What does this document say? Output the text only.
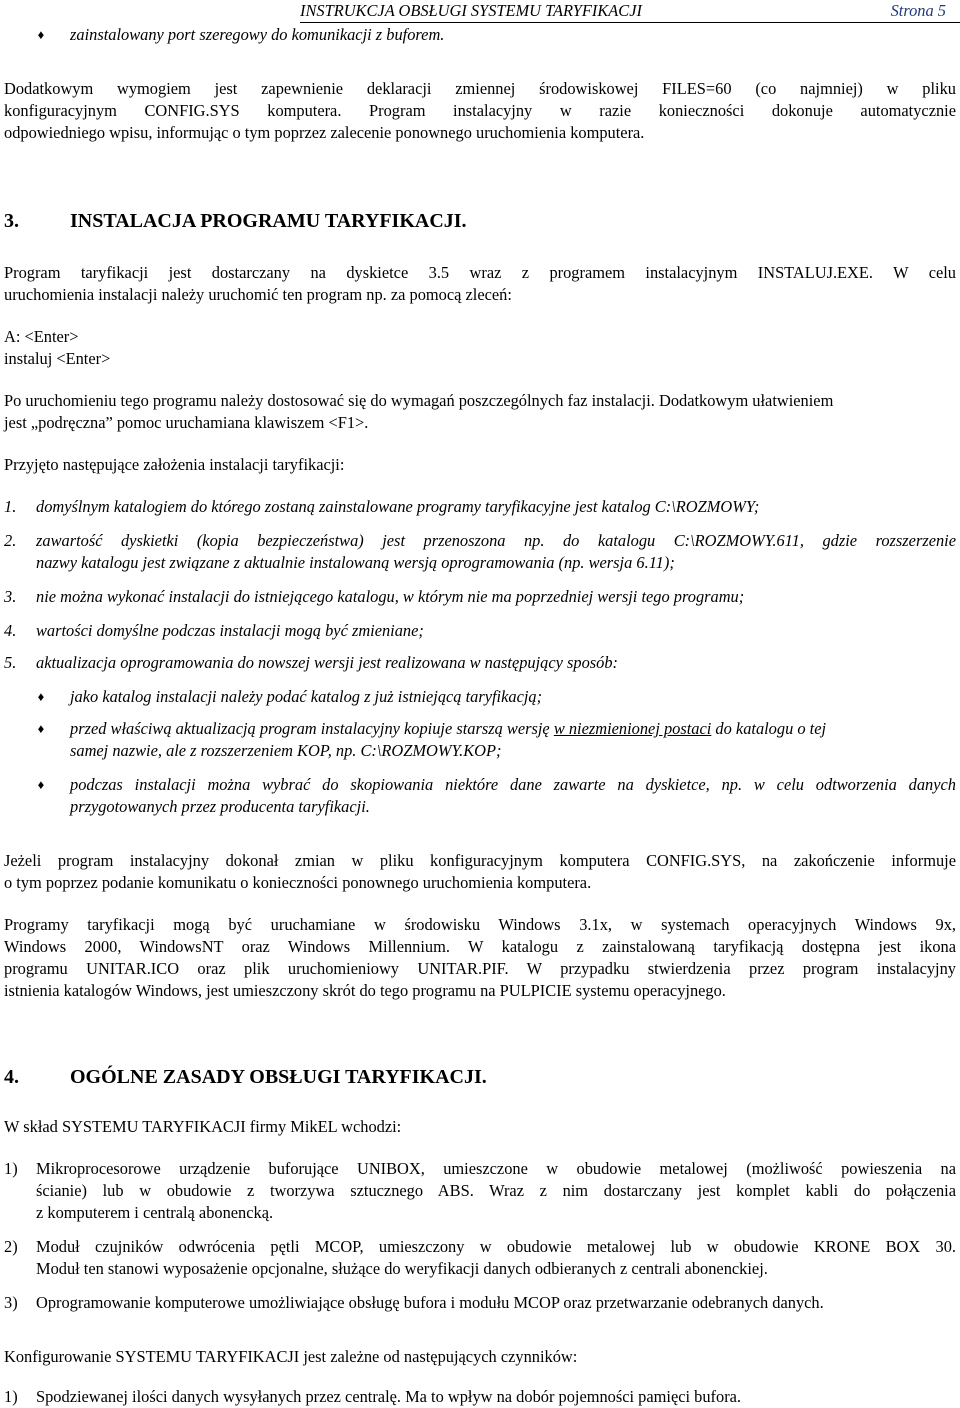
INSTRUKCJA OBSŁUGI SYSTEMU TARYFIKACJI	Strona 5
♦ zainstalowany port szeregowy do komunikacji z buforem.
Dodatkowym wymogiem jest zapewnienie deklaracji zmiennej środowiskowej FILES=60 (co najmniej) w pliku
konfiguracyjnym CONFIG.SYS komputera. Program instalacyjny w razie konieczności dokonuje automatycznie
odpowiedniego wpisu, informując o tym poprzez zalecenie ponownego uruchomienia komputera.
3.	INSTALACJA PROGRAMU TARYFIKACJI.
Program taryfikacji jest dostarczany na dyskietce 3.5 wraz z programem instalacyjnym INSTALUJ.EXE. W celu
uruchomienia instalacji należy uruchomić ten program np. za pomocą zleceń:
A: <Enter>
instaluj <Enter>
Po uruchomieniu tego programu należy dostosować się do wymagań poszczególnych faz instalacji. Dodatkowym ułatwieniem
jest „podręczna” pomoc uruchamiana klawiszem <F1>.
Przyjęto następujące założenia instalacji taryfikacji:
1. domyślnym katalogiem do którego zostaną zainstalowane programy taryfikacyjne jest katalog C:\ROZMOWY;
2. zawartość dyskietki (kopia bezpieczeństwa) jest przenoszona np. do katalogu C:\ROZMOWY.611, gdzie rozszerzenie
nazwy katalogu jest związane z aktualnie instalowaną wersją oprogramowania (np. wersja 6.11);
3. nie można wykonać instalacji do istniejącego katalogu, w którym nie ma poprzedniej wersji tego programu;
4. wartości domyślne podczas instalacji mogą być zmieniane;
5. aktualizacja oprogramowania do nowszej wersji jest realizowana w następujący sposób:
♦ jako katalog instalacji należy podać katalog z już istniejącą taryfikacją;
♦ przed właściwą aktualizacją program instalacyjny kopiuje starszą wersję w niezmienionej postaci do katalogu o tej
samej nazwie, ale z rozszerzeniem KOP, np. C:\ROZMOWY.KOP;
♦ podczas instalacji można wybrać do skopiowania niektóre dane zawarte na dyskietce, np. w celu odtworzenia danych
przygotowanych przez producenta taryfikacji.
Jeżeli program instalacyjny dokonał zmian w pliku konfiguracyjnym komputera CONFIG.SYS, na zakończenie informuje
o tym poprzez podanie komunikatu o konieczności ponownego uruchomienia komputera.
Programy taryfikacji mogą być uruchamiane w środowisku Windows 3.1x, w systemach operacyjnych Windows 9x,
Windows 2000, WindowsNT oraz Windows Millennium. W katalogu z zainstalowaną taryfikacją dostępna jest ikona
programu UNITAR.ICO oraz plik uruchomieniowy UNITAR.PIF. W przypadku stwierdzenia przez program instalacyjny
istnienia katalogów Windows, jest umieszczony skrót do tego programu na PULPICIE systemu operacyjnego.
4.	OGÓLNE ZASADY OBSŁUGI TARYFIKACJI.
W skład SYSTEMU TARYFIKACJI firmy MikEL wchodzi:
1) Mikroprocesorowe urządzenie buforujące UNIBOX, umieszczone w obudowie metalowej (możliwość powieszenia na
ścianie) lub w obudowie z tworzywa sztucznego ABS. Wraz z nim dostarczany jest komplet kabli do połączenia
z komputerem i centralą abonencką.
2) Moduł czujników odwrócenia pętli MCOP, umieszczony w obudowie metalowej lub w obudowie KRONE BOX 30.
Moduł ten stanowi wyposażenie opcjonalne, służące do weryfikacji danych odbieranych z centrali abonenckiej.
3) Oprogramowanie komputerowe umożliwiające obsługę bufora i modułu MCOP oraz przetwarzanie odebranych danych.
Konfigurowanie SYSTEMU TARYFIKACJI jest zależne od następujących czynników:
1) Spodziewanej ilości danych wysyłanych przez centralę. Ma to wpływ na dobór pojemności pamięci bufora.
